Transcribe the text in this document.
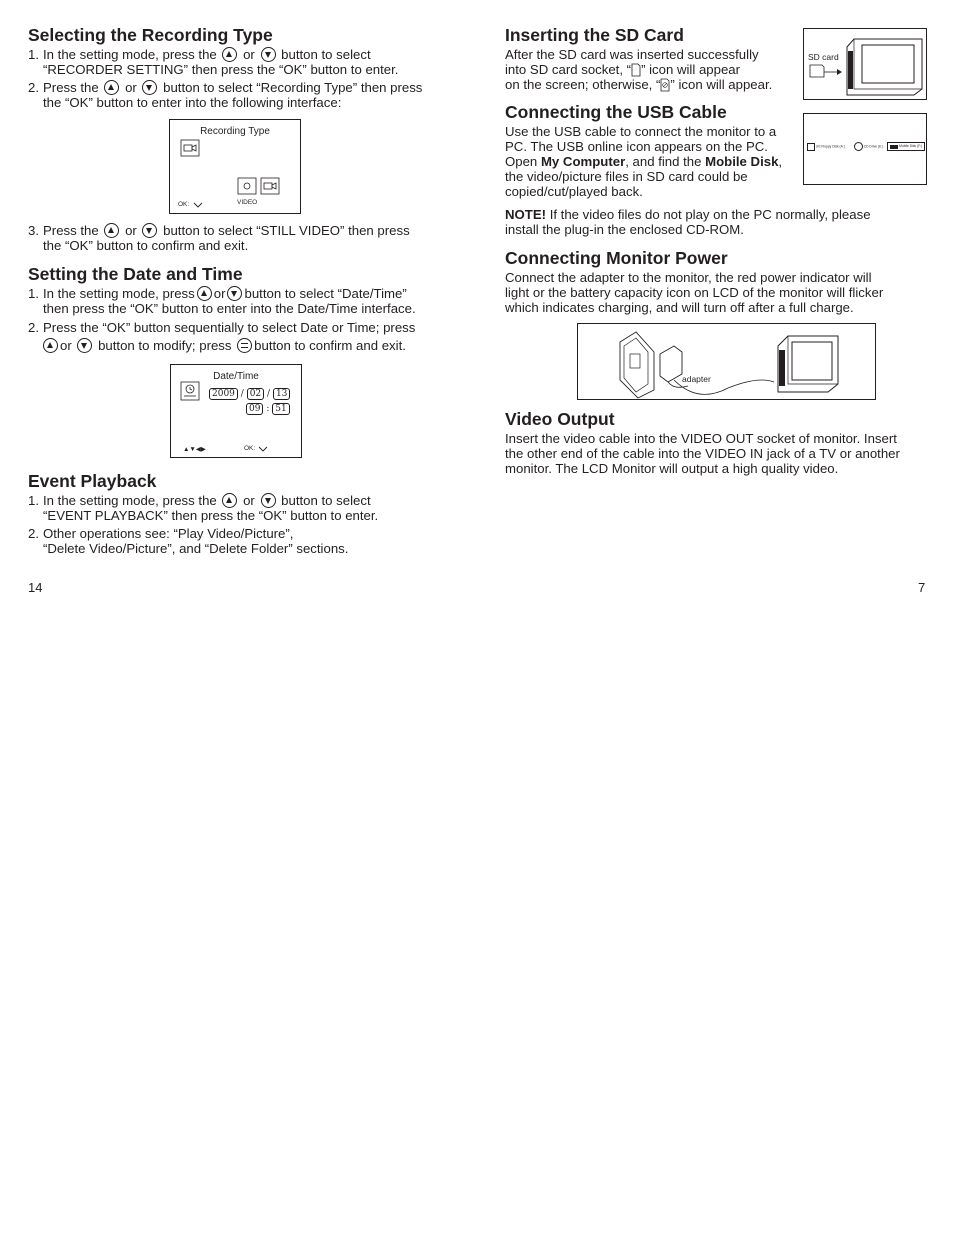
Selecting the Recording Type
1. In the setting mode, press the or button to select
“RECORDER SETTING” then press the “OK” button to enter.
2. Press the or button to select “Recording Type” then press
the “OK” button to enter into the following interface:
Recording Type
VIDEO
OK:
3. Press the or button to select “STILL VIDEO” then press
the “OK” button to confirm and exit.
Setting the Date and Time
1. In the setting mode, press or button to select “Date/Time”
then press the “OK” button to enter into the Date/Time interface.
2. Press the “OK” button sequentially to select Date or Time; press
or button to modify; press button to confirm and exit.
Date/Time
2009 / 02 / 13
09 : 51
▲▼◀▶	OK:
Event Playback
1. In the setting mode, press the or button to select
“EVENT PLAYBACK” then press the “OK” button to enter.
2. Other operations see: “Play Video/Picture”,
“Delete Video/Picture”, and “Delete Folder” sections.
Inserting the SD Card

After the SD card was inserted successfully
into SD card socket, “ ” icon will appear
on the screen; otherwise, “ ” icon will appear.

SD card
Connecting the USB Cable

Use the USB cable to connect the monitor to a
PC. The USB online icon appears on the PC.
Open My Computer, and find the Mobile Disk,
the video/picture files in SD card could be
copied/cut/played back.

3½ Floppy Disk (A:)	CD Drive (E:)	Mobile Disk (F:)

NOTE! If the video files do not play on the PC normally, please
install the plug-in the enclosed CD-ROM.

Connecting Monitor Power

Connect the adapter to the monitor, the red power indicator will
light or the battery capacity icon on LCD of the monitor will flicker
which indicates charging, and will turn off after a full charge.

adapter
Video Output

Insert the video cable into the VIDEO OUT socket of monitor. Insert
the other end of the cable into the VIDEO IN jack of a TV or another
monitor. The LCD Monitor will output a high quality video.

14	7
